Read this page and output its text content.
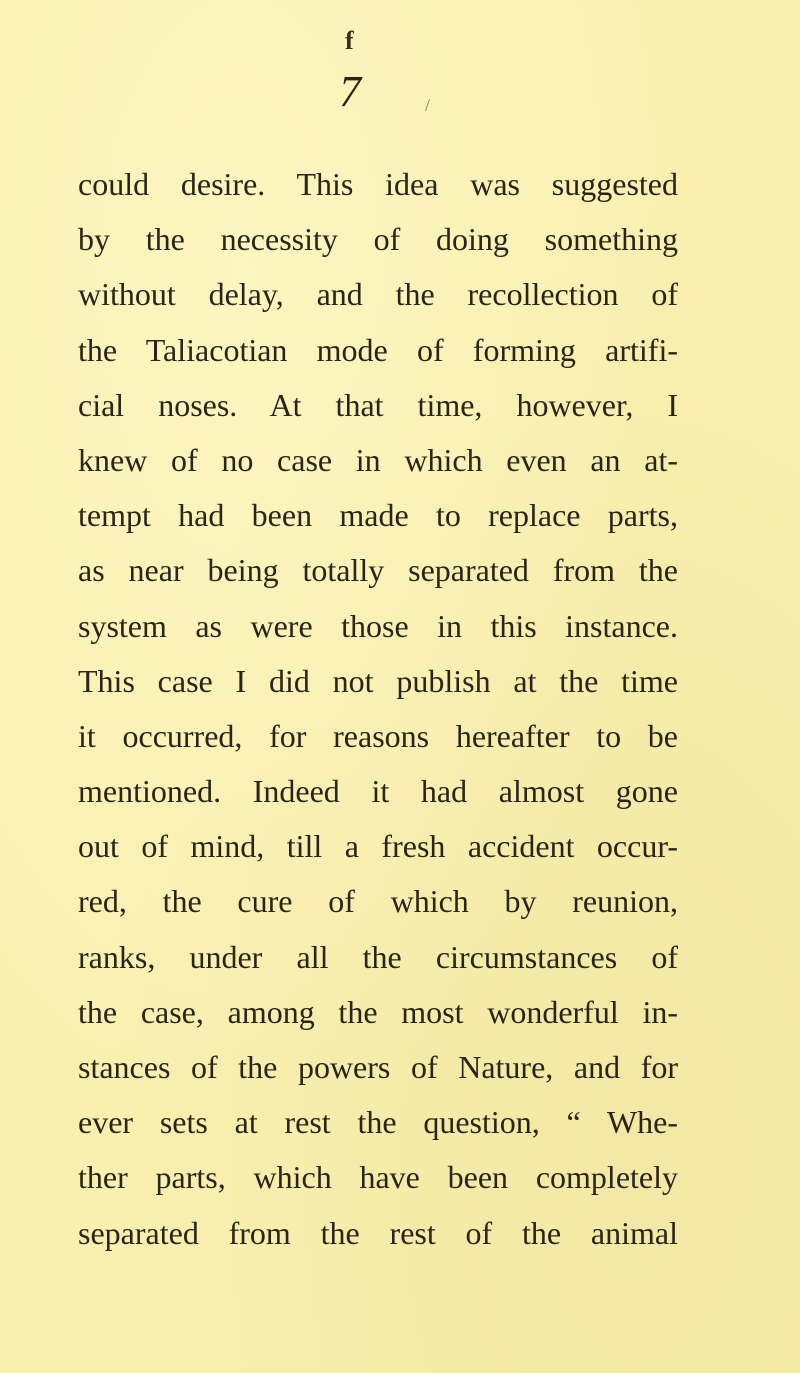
f
/
7
could desire. This idea was suggested
by the necessity of doing something
without delay, and the recollection of
the Taliacotian mode of forming artifi-
cial noses. At that time, however, I
knew of no case in which even an at-
tempt had been made to replace parts,
as near being totally separated from the
system as were those in this instance.
This case I did not publish at the time
it occurred, for reasons hereafter to be
mentioned. Indeed it had almost gone
out of mind, till a fresh accident occur-
red, the cure of which by reunion,
ranks, under all the circumstances of
the case, among the most wonderful in-
stances of the powers of Nature, and for
ever sets at rest the question, “ Whe-
ther parts, which have been completely
separated from the rest of the animal
